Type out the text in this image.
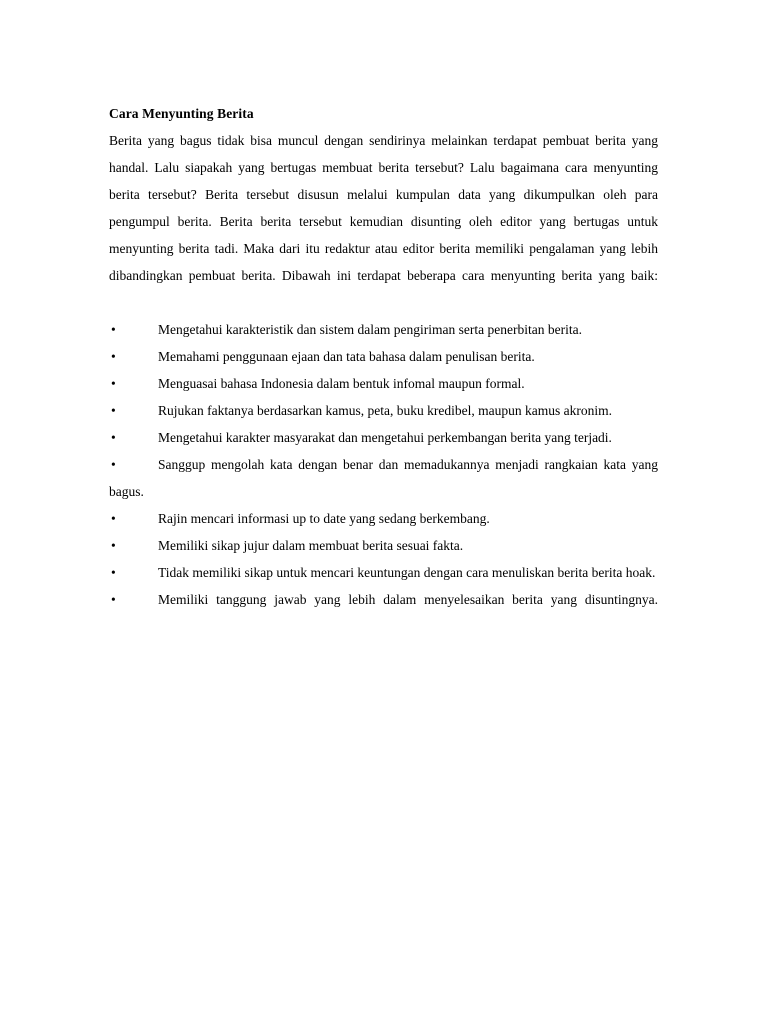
Cara Menyunting Berita

Berita yang bagus tidak bisa muncul dengan sendirinya melainkan terdapat pembuat berita yang handal. Lalu siapakah yang bertugas membuat berita tersebut? Lalu bagaimana cara menyunting berita tersebut? Berita tersebut disusun melalui kumpulan data yang dikumpulkan oleh para pengumpul berita. Berita berita tersebut kemudian disunting oleh editor yang bertugas untuk menyunting berita tadi. Maka dari itu redaktur atau editor berita memiliki pengalaman yang lebih dibandingkan pembuat berita. Dibawah ini terdapat beberapa cara menyunting berita yang baik:

•	Mengetahui karakteristik dan sistem dalam pengiriman serta penerbitan berita.
•	Memahami penggunaan ejaan dan tata bahasa dalam penulisan berita.
•	Menguasai bahasa Indonesia dalam bentuk infomal maupun formal.
•	Rujukan faktanya berdasarkan kamus, peta, buku kredibel, maupun kamus akronim.
•	Mengetahui karakter masyarakat dan mengetahui perkembangan berita yang terjadi.
•	Sanggup mengolah kata dengan benar dan memadukannya menjadi rangkaian kata yang bagus.
•	Rajin mencari informasi up to date yang sedang berkembang.
•	Memiliki sikap jujur dalam membuat berita sesuai fakta.
•	Tidak memiliki sikap untuk mencari keuntungan dengan cara menuliskan berita berita hoak.
•	Memiliki tanggung jawab yang lebih dalam menyelesaikan berita yang disuntingnya.
